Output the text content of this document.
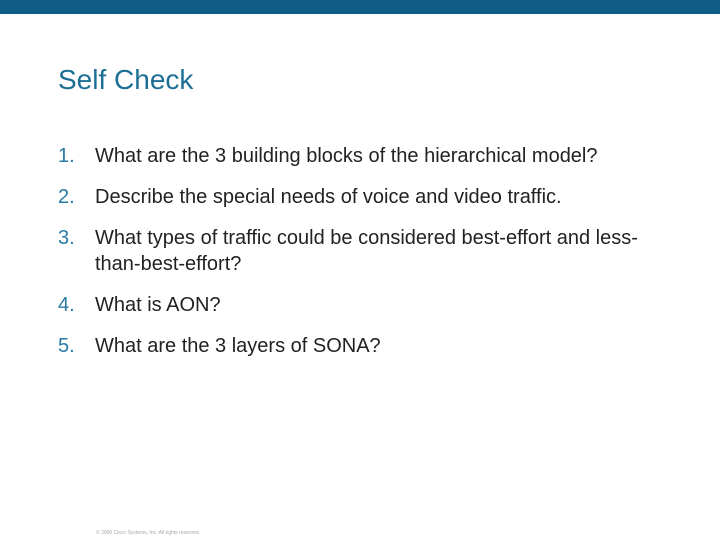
Self Check
1. What are the 3 building blocks of the hierarchical model?
2. Describe the special needs of voice and video traffic.
3. What types of traffic could be considered best-effort and less-than-best-effort?
4. What is AON?
5. What are the 3 layers of SONA?
© 2006 Cisco Systems, Inc. All rights reserved.
